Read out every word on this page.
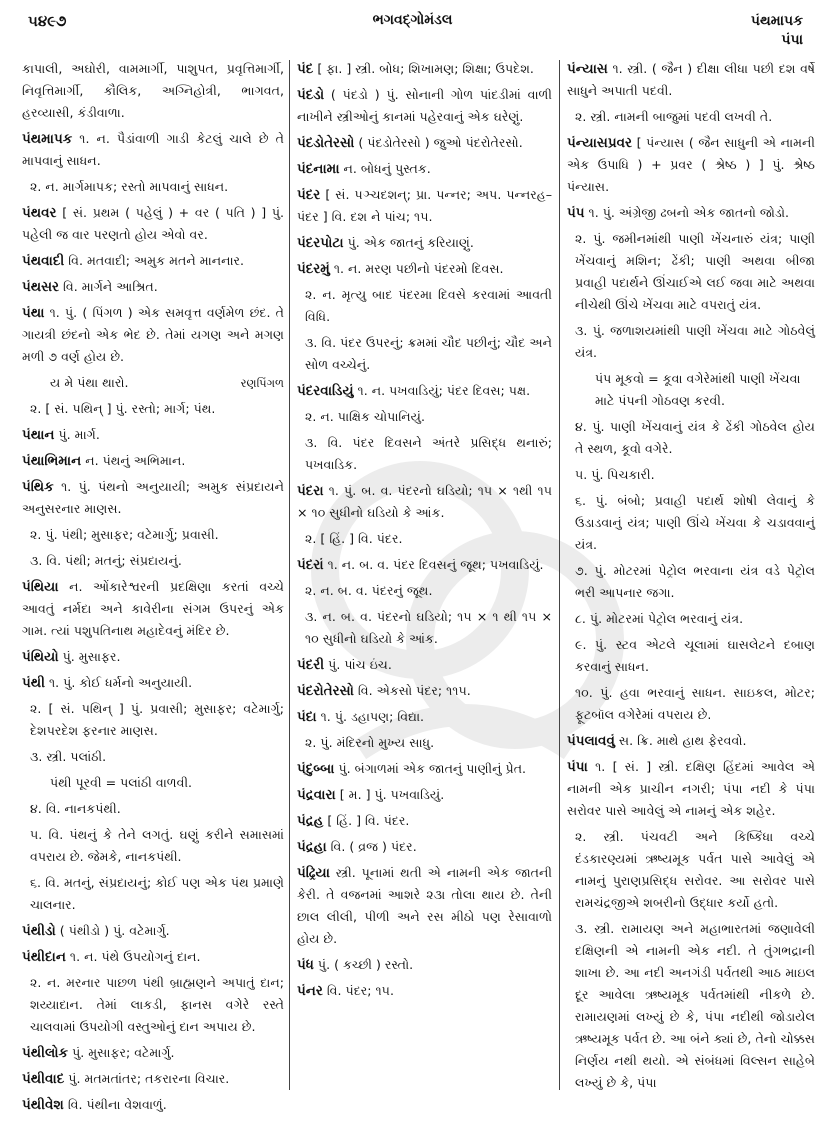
૫૪૯૭	ભગવદ્ગોમંડલ	પંથમાપક
પંપા

કાપાલી, અઘોરી, વામમાર્ગી, પાશુપત, પ્રવૃત્તિમાર્ગી, નિવૃત્તિમાર્ગી, કૌલિક, અગ્નિહોત્રી, ભાગવત, હરવ્યાસી, કંડીવાળા.

પંથમાપક ૧. ન. પૈડાંવાળી ગાડી કેટલું ચાલે છે તે માપવાનું સાધન.

૨. ન. માર્ગમાપક; રસ્તો માપવાનું સાધન.

પંથવર [ સં. પ્રથમ ( પહેલું ) + વર ( પતિ ) ] પું. પહેલી જ વાર પરણતો હોય એવો વર.

પંથવાદી વિ. મતવાદી; અમુક મતને માનનાર.

પંથસર વિ. માર્ગને આશ્રિત.

પંથા ૧. પું. ( પિંગળ ) એક સમવૃત્ત વર્ણમેળ છંદ. તે ગાયત્રી છંદનો એક ભેદ છે. તેમાં યગણ અને મગણ મળી ૭ વર્ણ હોય છે.

ય મે પંથા થારો.	રણપિંગળ

૨. [ સં. પથિન્ ] પું. રસ્તો; માર્ગ; પંથ.

પંથાન પું. માર્ગ.

પંથાભિમાન ન. પંથનું અભિમાન.

પંથિક ૧. પું. પંથનો અનુયાયી; અમુક સંપ્રદાયને અનુસરનાર માણસ.

૨. પું. પંથી; મુસાફર; વટેમાર્ગુ; પ્રવાસી.

૩. વિ. પંથી; મતનું; સંપ્રદાયનું.

પંથિયા ન. ઓંકારેશ્વરની પ્રદક્ષિણા કરતાં વચ્ચે આવતું નર્મદા અને કાવેરીના સંગમ ઉપરનું એક ગામ. ત્યાં પશુપતિનાથ મહાદેવનું મંદિર છે.

પંથિયો પું. મુસાફર.

પંથી ૧. પું. કોઈ ધર્મનો અનુયાયી.

૨. [ સં. પથિન્ ] પું. પ્રવાસી; મુસાફર; વટેમાર્ગુ; દેશપરદેશ ફરનાર માણસ.

૩. સ્ત્રી. પલાંઠી.

પંથી પૂરવી = પલાંઠી વાળવી.

૪. વિ. નાનકપંથી.

૫. વિ. પંથનું કે તેને લગતું. ઘણું કરીને સમાસમાં વપરાય છે. જેમકે, નાનકપંથી.

૬. વિ. મતનું, સંપ્રદાયનું; કોઈ પણ એક પંથ પ્રમાણે ચાલનાર.

પંથીડો ( પંથીડો ) પું. વટેમાર્ગુ.

પંથીદાન ૧. ન. પંથે ઉપયોગનું દાન.

૨. ન. મરનાર પાછળ પંથી બ્રાહ્મણને અપાતું દાન; શય્યાદાન. તેમાં લાકડી, ફાનસ વગેરે રસ્તે ચાલવામાં ઉપયોગી વસ્તુઓનું દાન અપાય છે.

પંથીલોક પું. મુસાફર; વટેમાર્ગુ.

પંથીવાદ પું. મતમતાંતર; તકરારના વિચાર.

પંથીવેશ વિ. પંથીના વેશવાળું.

પંદ [ ફા. ] સ્ત્રી. બોધ; શિખામણ; શિક્ષા; ઉપદેશ.

પંદડો ( પંદડો ) પું. સોનાની ગોળ પાંદડીમાં વાળી નાખીને સ્ત્રીઓનું કાનમાં પહેરવાનું એક ઘરેણું.

પંદડોતેરસો ( પંદડોતેરસો ) જુઓ પંદરોતેરસો.

પંદનામા ન. બોધનું પુસ્તક.

પંદર [ સં. પઞ્ચદશન્; પ્રા. પન્નર; અપ. પન્નરહ– પંદર ] વિ. દશ ને પાંચ; ૧૫.

પંદરપોટા પું. એક જાતનું કરિયાણું.

પંદરમું ૧. ન. મરણ પછીનો પંદરમો દિવસ.

૨. ન. મૃત્યુ બાદ પંદરમા દિવસે કરવામાં આવતી વિધિ.

૩. વિ. પંદર ઉપરનું; ક્રમમાં ચૌદ પછીનું; ચૌદ અને સોળ વચ્ચેનું.

પંદરવાડિયું ૧. ન. પખવાડિયું; પંદર દિવસ; પક્ષ.

૨. ન. પાક્ષિક ચોપાનિયું.

૩. વિ. પંદર દિવસને અંતરે પ્રસિદ્ધ થનારું; પખવાડિક.

પંદરા ૧. પું. બ. વ. પંદરનો ઘડિયો; ૧૫ × ૧થી ૧૫ × ૧૦ સુધીનો ઘડિયો કે આંક.

૨. [ હિં. ] વિ. પંદર.

પંદરાં ૧. ન. બ. વ. પંદર દિવસનું જૂથ; પખવાડિયું.

૨. ન. બ. વ. પંદરનું જૂથ.

૩. ન. બ. વ. પંદરનો ઘડિયો; ૧૫ × ૧ થી ૧૫ × ૧૦ સુધીનો ઘડિયો કે આંક.

પંદરી પું. પાંચ ઇંચ.

પંદરોતેરસો વિ. એકસો પંદર; ૧૧૫.

પંદા ૧. પું. ડહાપણ; વિદ્યા.

૨. પું. મંદિરનો મુખ્ય સાધુ.

પંદુબ્બા પું. બંગાળમાં એક જાતનું પાણીનું પ્રેત.

પંદ્રવારા [ મ. ] પું. પખવાડિયું.

પંદ્રહ [ હિં. ] વિ. પંદર.

પંદ્રહા વિ. ( વ્રજ ) પંદર.

પંઢ્રિયા સ્ત્રી. પૂનામાં થતી એ નામની એક જાતની કેરી. તે વજનમાં આશરે ૨૩ા તોલા થાય છે. તેની છાલ લીલી, પીળી અને રસ મીઠો પણ રેસાવાળો હોય છે.

પંધ પું. ( કચ્છી ) રસ્તો.

પંનર વિ. પંદર; ૧૫.

પંન્યાસ ૧. સ્ત્રી. ( જૈન ) દીક્ષા લીધા પછી દશ વર્ષે સાધુને અપાતી પદવી.

૨. સ્ત્રી. નામની બાજુમાં પદવી લખવી તે.

પંન્યાસપ્રવર [ પંન્યાસ ( જૈન સાધુની એ નામની એક ઉપાધિ ) + પ્રવર ( શ્રેષ્ઠ ) ] પું. શ્રેષ્ઠ પંન્યાસ.

પંપ ૧. પું. અંગ્રેજી ઢબનો એક જાતનો જોડો.

૨. પું. જમીનમાંથી પાણી ખેંચનારું યંત્ર; પાણી ખેંચવાનું મશિન; ઢેંકી; પાણી અથવા બીજા પ્રવાહી પદાર્થને ઊંચાઈએ લઈ જવા માટે અથવા નીચેથી ઊંચે ખેંચવા માટે વપરાતું યંત્ર.

૩. પું. જળાશયમાંથી પાણી ખેંચવા માટે ગોઠવેલું યંત્ર.

પંપ મૂકવો = કૂવા વગેરેમાંથી પાણી ખેંચવા માટે પંપની ગોઠવણ કરવી.

૪. પું. પાણી ખેંચવાનું યંત્ર કે ઢેંકી ગોઠવેલ હોય તે સ્થળ, કૂવો વગેરે.

૫. પું. પિચકારી.

૬. પું. બંબો; પ્રવાહી પદાર્થ શોષી લેવાનું કે ઉડાડવાનું યંત્ર; પાણી ઊંચે ખેંચવા કે ચડાવવાનું યંત્ર.

૭. પું. મોટરમાં પેટ્રોલ ભરવાના યંત્ર વડે પેટ્રોલ ભરી આપનાર જગા.

૮. પું. મોટરમાં પેટ્રોલ ભરવાનું યંત્ર.

૯. પું. સ્ટવ એટલે ચૂલામાં ઘાસલેટને દબાણ કરવાનું સાધન.

૧૦. પું. હવા ભરવાનું સાધન. સાઇકલ, મોટર; ફૂટબૉલ વગેરેમાં વપરાય છે.

પંપલાવવું સ. ક્રિ. માથે હાથ ફેરવવો.

પંપા ૧. [ સં. ] સ્ત્રી. દક્ષિણ હિંદમાં આવેલ એ નામની એક પ્રાચીન નગરી; પંપા નદી કે પંપા સરોવર પાસે આવેલું એ નામનું એક શહેર.

૨. સ્ત્રી. પંચવટી અને કિષ્કિંધા વચ્ચે દંડકારણ્યમાં ઋષ્યમૂક પર્વત પાસે આવેલું એ નામનું પુરાણપ્રસિદ્ધ સરોવર. આ સરોવર પાસે રામચંદ્રજીએ શબરીનો ઉદ્ધાર કર્યો હતો.

૩. સ્ત્રી. રામાયણ અને મહાભારતમાં જણાવેલી દક્ષિણની એ નામની એક નદી. તે તુંગભદ્રાની શાખા છે. આ નદી અનગંડી પર્વતથી આઠ માઇલ દૂર આવેલા ઋષ્યમૂક પર્વતમાંથી નીકળે છે. રામાયણમાં લખ્યું છે કે, પંપા નદીથી જોડાયેલ ઋષ્યમૂક પર્વત છે. આ બંને ક્યાં છે, તેનો ચોક્કસ નિર્ણય નથી થયો. એ સંબંધમાં વિલ્સન સાહેબે લખ્યું છે કે, પંપા
